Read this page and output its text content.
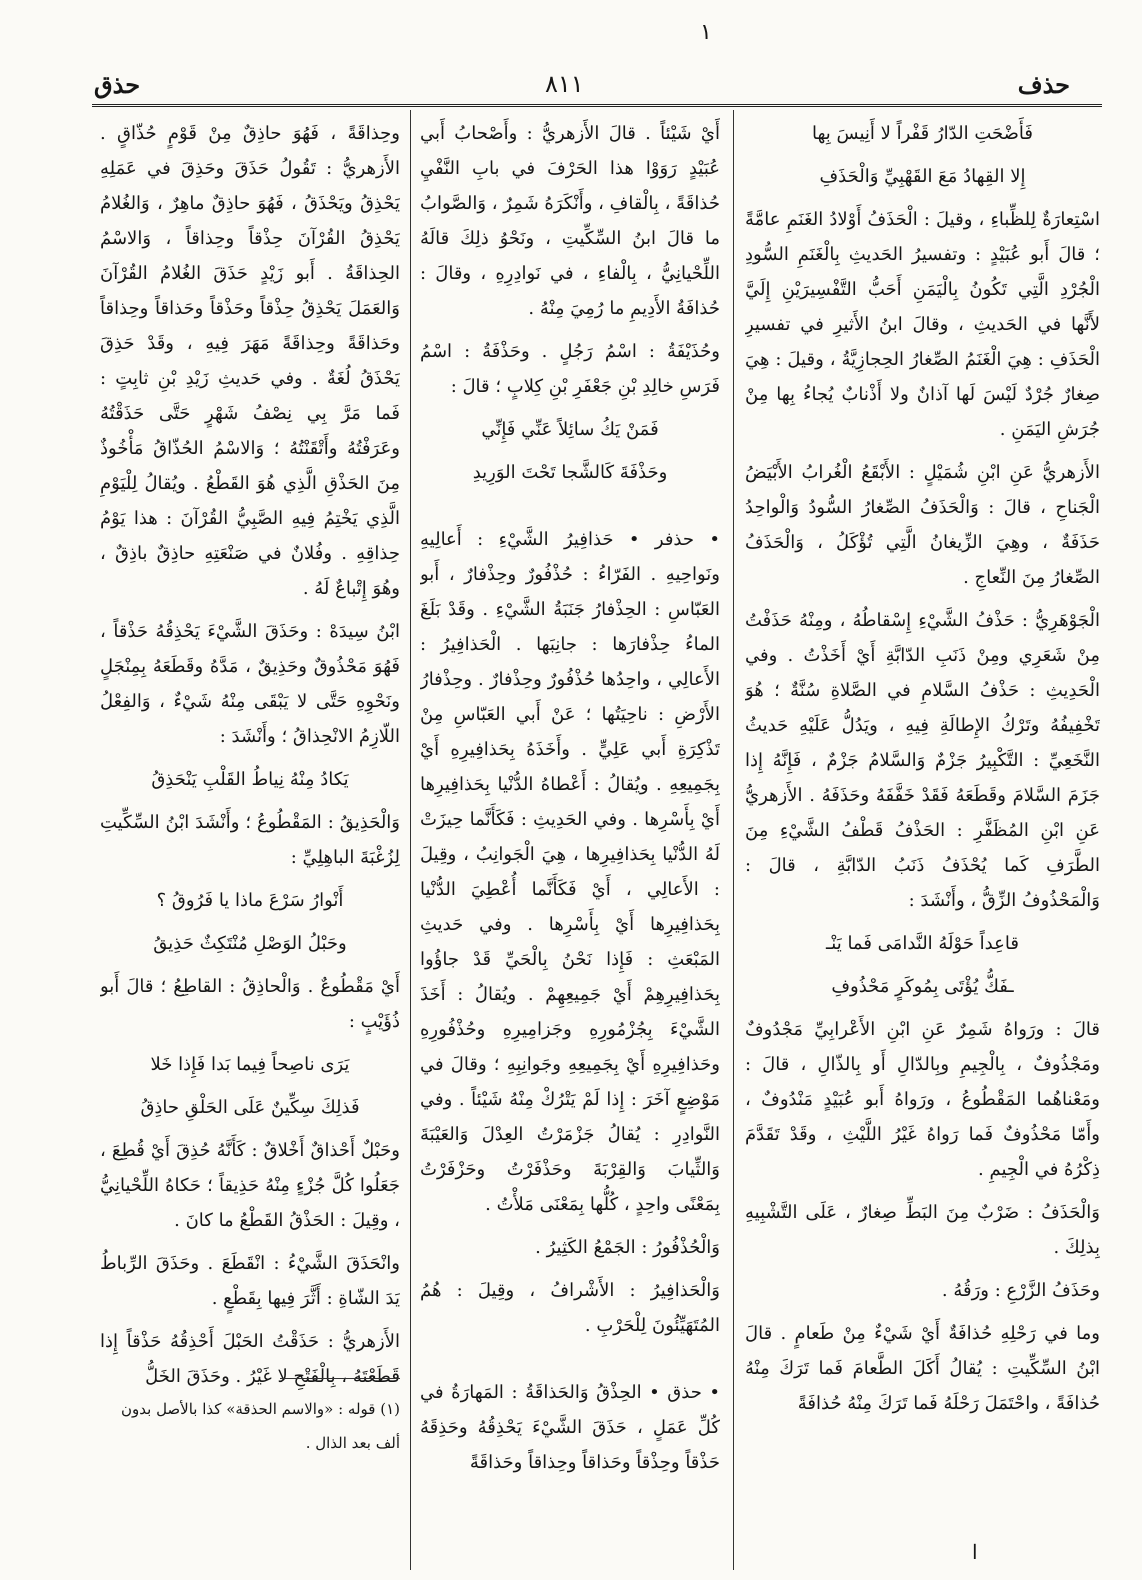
١
حذف
٨١١
حذق

فَأَضْحَتِ الدّارُ قَفْراً لا أَنِيسَ بِها

إِلا القِهادُ مَعَ القَهْبِيِّ وَالْحَذَفِ

اسْتِعارَةٌ لِلظِّباءِ ، وقيلَ : الْحَذَفُ أَوْلادُ الغَنَمِ عامَّةً ؛ قالَ أَبو عُبَيْدٍ : وتفسيرُ الحَديثِ بِالْغَنَمِ السُّودِ الْجُرْدِ الَّتِي تَكُونُ بِالْيَمَنِ أَحَبُّ التَّفْسِيرَيْنِ إِلَيَّ لأَنَّها في الحَديثِ ، وقالَ ابنُ الأَثيرِ في تفسيرِ الْحَذَفِ : هِيَ الْغَنَمُ الصِّغارُ الحِجازِيَّةُ ، وقيلَ : هِيَ صِغارٌ جُرْدٌ لَيْسَ لَها آذانٌ ولا أَذْنابٌ يُجاءُ بِها مِنْ جُرَشِ اليَمَنِ .

الأَزهريُّ عَنِ ابْنِ شُمَيْلٍ : الأَبْقَعُ الْغُرابُ الأَبْيَضُ الْجَناحِ ، قالَ : وَالْحَذَفُ الصِّغارُ السُّودُ وَالْواحِدُ حَذَفَةٌ ، وهِيَ الزِّيغانُ الَّتِي تُؤْكَلُ ، وَالْحَذَفُ الصِّغارُ مِنَ النِّعاجِ .

الْجَوْهَرِيُّ : حَذْفُ الشَّيْءِ إِسْقاطُهُ ، ومِنْهُ حَذَفْتُ مِنْ شَعَرِي ومِنْ ذَنَبِ الدّابَّةِ أَيْ أَخَذْتُ . وفي الْحَدِيثِ : حَذْفُ السَّلامِ في الصَّلاةِ سُنَّةٌ ؛ هُوَ تَخْفِيفُهُ وتَرْكُ الإِطالَةِ فِيهِ ، ويَدُلُّ عَلَيْهِ حَديثُ النَّخَعِيِّ : التَّكْبِيرُ جَزْمٌ وَالسَّلامُ جَزْمٌ ، فَإِنَّهُ إِذا جَزَمَ السَّلامَ وقَطَعَهُ فَقَدْ خَفَّفَهُ وحَذَفَهُ . الأَزهريُّ عَنِ ابْنِ المُظَفَّرِ : الحَذْفُ قَطْفُ الشَّيْءِ مِنَ الطَّرَفِ كَما يُحْذَفُ ذَنَبُ الدّابَّةِ ، قالَ : وَالْمَحْذُوفُ الزِّقُّ ، وأَنْشَدَ :

قاعِداً حَوْلَهُ النَّدامَى فَما يَنْـ

ـفَكُّ يُؤْتَى بِمُوكَرٍ مَحْذُوفِ

قالَ : ورَواهُ شَمِرٌ عَنِ ابْنِ الأَعْرابِيِّ مَجْدُوفٌ ومَجْذُوفٌ ، بِالْجِيمِ وبِالدّالِ أَو بِالذّالِ ، قالَ : ومَعْناهُما المَقْطُوعُ ، ورَواهُ أَبو عُبَيْدٍ مَنْدُوفٌ ، وأَمّا مَحْذُوفٌ فَما رَواهُ غَيْرُ اللَّيْثِ ، وقَدْ تَقَدَّمَ ذِكْرُهُ في الْجِيمِ .

وَالْحَذَفُ : ضَرْبٌ مِنَ البَطِّ صِغارٌ ، عَلَى التَّشْبِيهِ بِذلِكَ .

وحَذَفُ الزَّرْعِ : ورَقُهُ .

وما في رَحْلِهِ حُذافَةٌ أَيْ شَيْءٌ مِنْ طَعامٍ . قالَ ابْنُ السِّكِّيتِ : يُقالُ أَكَلَ الطَّعامَ فَما تَرَكَ مِنْهُ حُذافَةً ، واحْتَمَلَ رَحْلَهُ فَما تَرَكَ مِنْهُ حُذافَةً

أَيْ شَيْئاً . قالَ الأَزهريُّ : وأَصْحابُ أَبي عُبَيْدٍ رَوَوْا هذا الحَرْفَ في بابِ النَّفْيِ حُذاقَةً ، بِالْقافِ ، وأَنْكَرَهُ شَمِرٌ ، وَالصَّوابُ ما قالَ ابنُ السِّكِّيتِ ، ونَحْوُ ذلِكَ قالَهُ اللِّحْيانِيُّ ، بِالْفاءِ ، في نَوادِرِهِ ، وقالَ : حُذافَةُ الأَدِيمِ ما رُمِيَ مِنْهُ .

وحُذَيْفَةُ : اسْمُ رَجُلٍ . وحَذْفَةُ : اسْمُ فَرَسِ خالِدِ بْنِ جَعْفَرِ بْنِ كِلابٍ ؛ قالَ :

فَمَنْ يَكُ سائِلاً عَنِّي فَإِنِّي

وحَذْفَةَ كَالشَّجا تَحْتَ الوَرِيدِ

• حذفر • حَذافِيرُ الشَّيْءِ : أَعالِيهِ ونَواحِيهِ . الفَرّاءُ : حُذْفُورٌ وحِذْفارٌ ، أَبو العَبّاسِ : الحِذْفارُ جَنَبَةُ الشَّيْءِ . وقَدْ بَلَغَ الماءُ حِذْفارَها : جانِبَها . الْحَذافِيرُ : الأَعالِي ، واحِدُها حُذْفُورٌ وحِذْفارٌ . وحِذْفارُ الأَرْضِ : ناحِيَتُها ؛ عَنْ أَبي العَبّاسِ مِنْ تَذْكِرَةِ أَبي عَلِيٍّ . وأَخَذَهُ بِحَذافِيرِهِ أَيْ بِجَمِيعِهِ . ويُقالُ : أَعْطاهُ الدُّنْيا بِحَذافِيرِها أَيْ بِأَسْرِها . وفي الحَدِيثِ : فَكَأَنَّما حِيزَتْ لَهُ الدُّنْيا بِحَذافِيرِها ، هِيَ الْجَوانِبُ ، وقِيلَ : الأَعالِي ، أَيْ فَكَأَنَّما أُعْطِيَ الدُّنْيا بِحَذافِيرِها أَيْ بِأَسْرِها . وفي حَديثِ المَبْعَثِ : فَإِذا نَحْنُ بِالْحَيِّ قَدْ جاؤُوا بِحَذافِيرِهِمْ أَيْ جَمِيعِهِمْ . ويُقالُ : أَخَذَ الشَّيْءَ بِجُزْمُورِهِ وجَزامِيرِهِ وحُذْفُورِهِ وحَذافِيرِهِ أَيْ بِجَمِيعِهِ وجَوانِبِهِ ؛ وقالَ في مَوْضِعٍ آخَرَ : إِذا لَمْ يَتْرُكْ مِنْهُ شَيْئاً . وفي النَّوادِرِ : يُقالُ جَزْمَرْتُ العِدْلَ وَالعَيْبَةَ وَالثِّيابَ وَالقِرْبَةَ وحَذْفَرْتُ وحَزْفَرْتُ بِمَعْنًى واحِدٍ ، كُلُّها بِمَعْنَى مَلأْتُ .

وَالْحُذْفُورُ : الجَمْعُ الكَثِيرُ .

وَالْحَذافِيرُ : الأَشْرافُ ، وقِيلَ : هُمُ المُتَهَيِّئُونَ لِلْحَرْبِ .

• حذق • الحِذْقُ وَالحَذاقَةُ : المَهارَةُ في كُلِّ عَمَلٍ ، حَذَقَ الشَّيْءَ يَحْذِقُهُ وحَذِقَهُ حَذْقاً وحِذْقاً وحَذاقاً وحِذاقاً وحَذاقَةً

وحِذاقَةً ، فَهُوَ حاذِقٌ مِنْ قَوْمٍ حُذّاقٍ . الأَزهريُّ : تَقُولُ حَذَقَ وحَذِقَ في عَمَلِهِ يَحْذِقُ ويَحْذَقُ ، فَهُوَ حاذِقٌ ماهِرٌ ، وَالغُلامُ يَحْذِقُ القُرْآنَ حِذْقاً وحِذاقاً ، وَالاسْمُ الحِذاقَةُ . أَبو زَيْدٍ حَذَقَ الغُلامُ القُرْآنَ وَالعَمَلَ يَحْذِقُ حِذْقاً وحَذْقاً وحَذاقاً وحِذاقاً وحَذاقَةً وحِذاقَةً مَهَرَ فِيهِ ، وقَدْ حَذِقَ يَحْذَقُ لُغَةٌ . وفي حَديثِ زَيْدِ بْنِ ثابِتٍ : فَما مَرَّ بِي نِصْفُ شَهْرٍ حَتَّى حَذَقْتُهُ وعَرَفْتُهُ وأَتْقَنْتُهُ ؛ وَالاسْمُ الحُذّاقُ مَأْخُوذٌ مِنَ الحَذْقِ الَّذِي هُوَ القَطْعُ . ويُقالُ لِلْيَوْمِ الَّذِي يَخْتِمُ فِيهِ الصَّبِيُّ القُرْآنَ : هذا يَوْمُ حِذاقِهِ . وفُلانٌ في صَنْعَتِهِ حاذِقٌ باذِقٌ ، وهُوَ إِتْباعٌ لَهُ .

ابْنُ سِيدَهْ : وحَذَقَ الشَّيْءَ يَحْذِقُهُ حَذْقاً ، فَهُوَ مَحْذُوقٌ وحَذِيقٌ ، مَدَّهُ وقَطَعَهُ بِمِنْجَلٍ ونَحْوِهِ حَتَّى لا يَبْقَى مِنْهُ شَيْءٌ ، وَالفِعْلُ اللّازِمُ الانْحِذاقُ ؛ وأَنْشَدَ :

يَكادُ مِنْهُ نِياطُ القَلْبِ يَنْحَذِقُ

وَالْحَذِيقُ : المَقْطُوعُ ؛ وأَنْشَدَ ابْنُ السِّكِّيتِ لِزُغْبَةَ الباهِلِيِّ :

أَنْوارُ سَرْعَ ماذا يا فَرُوقُ ؟

وحَبْلُ الوَصْلِ مُنْتَكِثٌ حَذِيقُ

أَيْ مَقْطُوعٌ . وَالْحاذِقُ : القاطِعُ ؛ قالَ أَبو ذُؤَيْبٍ :

يَرَى ناصِحاً فِيما بَدا فَإِذا خَلا

فَذلِكَ سِكِّينٌ عَلَى الحَلْقِ حاذِقُ

وحَبْلٌ أَحْذاقٌ أَخْلاقٌ : كَأَنَّهُ حُذِقَ أَيْ قُطِعَ ، جَعَلُوا كُلَّ جُزْءٍ مِنْهُ حَذِيقاً ؛ حَكاهُ اللِّحْيانِيُّ ، وقِيلَ : الحَذْقُ القَطْعُ ما كانَ .

وانْحَذَقَ الشَّيْءُ : انْقَطَعَ . وحَذَقَ الرِّباطُ يَدَ الشّاةِ : أَثَّرَ فِيها بِقَطْعٍ .

الأَزهريُّ : حَذَقْتُ الحَبْلَ أَحْذِقُهُ حَذْقاً إِذا قَطَعْتَهُ ، بِالْفَتْحِ لا غَيْرُ . وحَذَقَ الخَلُّ

(١) قوله : «والاسم الحذقة» كذا بالأصل بدون ألف بعد الذال .
ا
